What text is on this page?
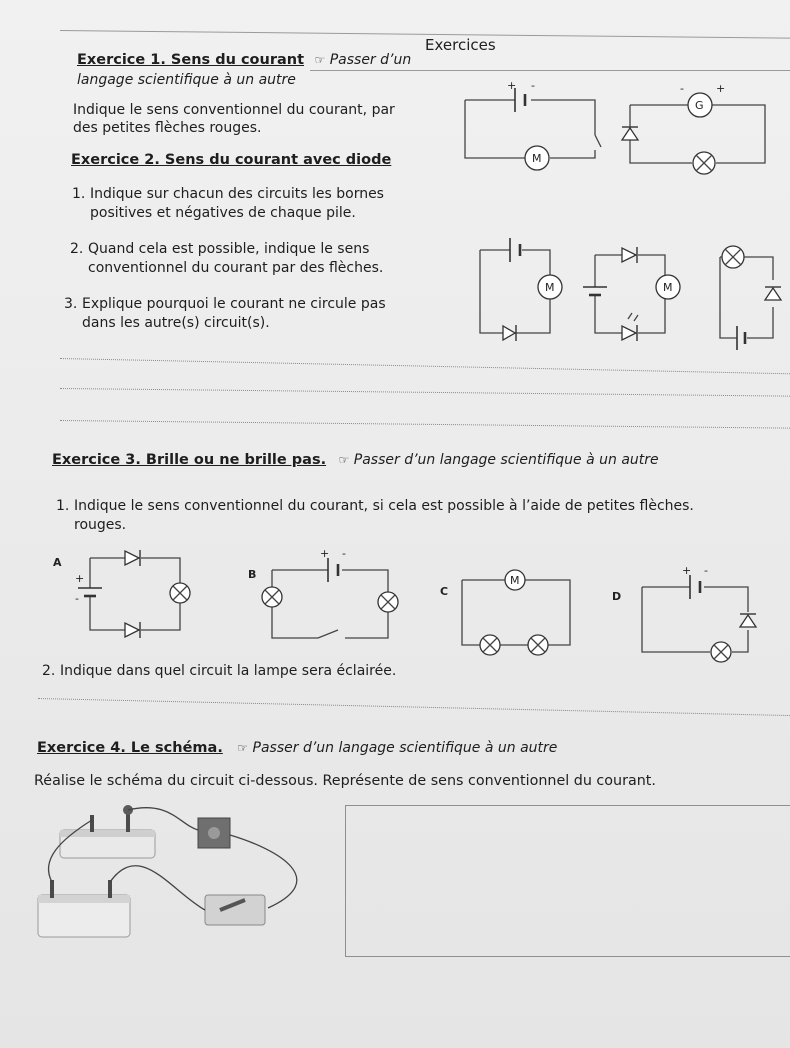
Exercices
Exercice 1. Sens du courant ☞ Passer d’un
langage scientifique à un autre
Indique le sens conventionnel du courant, par
des petites flèches rouges.
+ -
M
G
-	+
Exercice 2. Sens du courant avec diode
1. Indique sur chacun des circuits les bornes
positives et négatives de chaque pile.
2. Quand cela est possible, indique le sens
conventionnel du courant par des flèches.
3. Explique pourquoi le courant ne circule pas
dans les autre(s) circuit(s).
M	M
Exercice 3. Brille ou ne brille pas. ☞ Passer d’un langage scientifique à un autre
1. Indique le sens conventionnel du courant, si cela est possible à l’aide de petites flèches.
rouges.
A
+
-
B
+ -
C
M
D
+ -
2. Indique dans quel circuit la lampe sera éclairée.
Exercice 4. Le schéma. ☞ Passer d’un langage scientifique à un autre
Réalise le schéma du circuit ci-dessous. Représente de sens conventionnel du courant.
